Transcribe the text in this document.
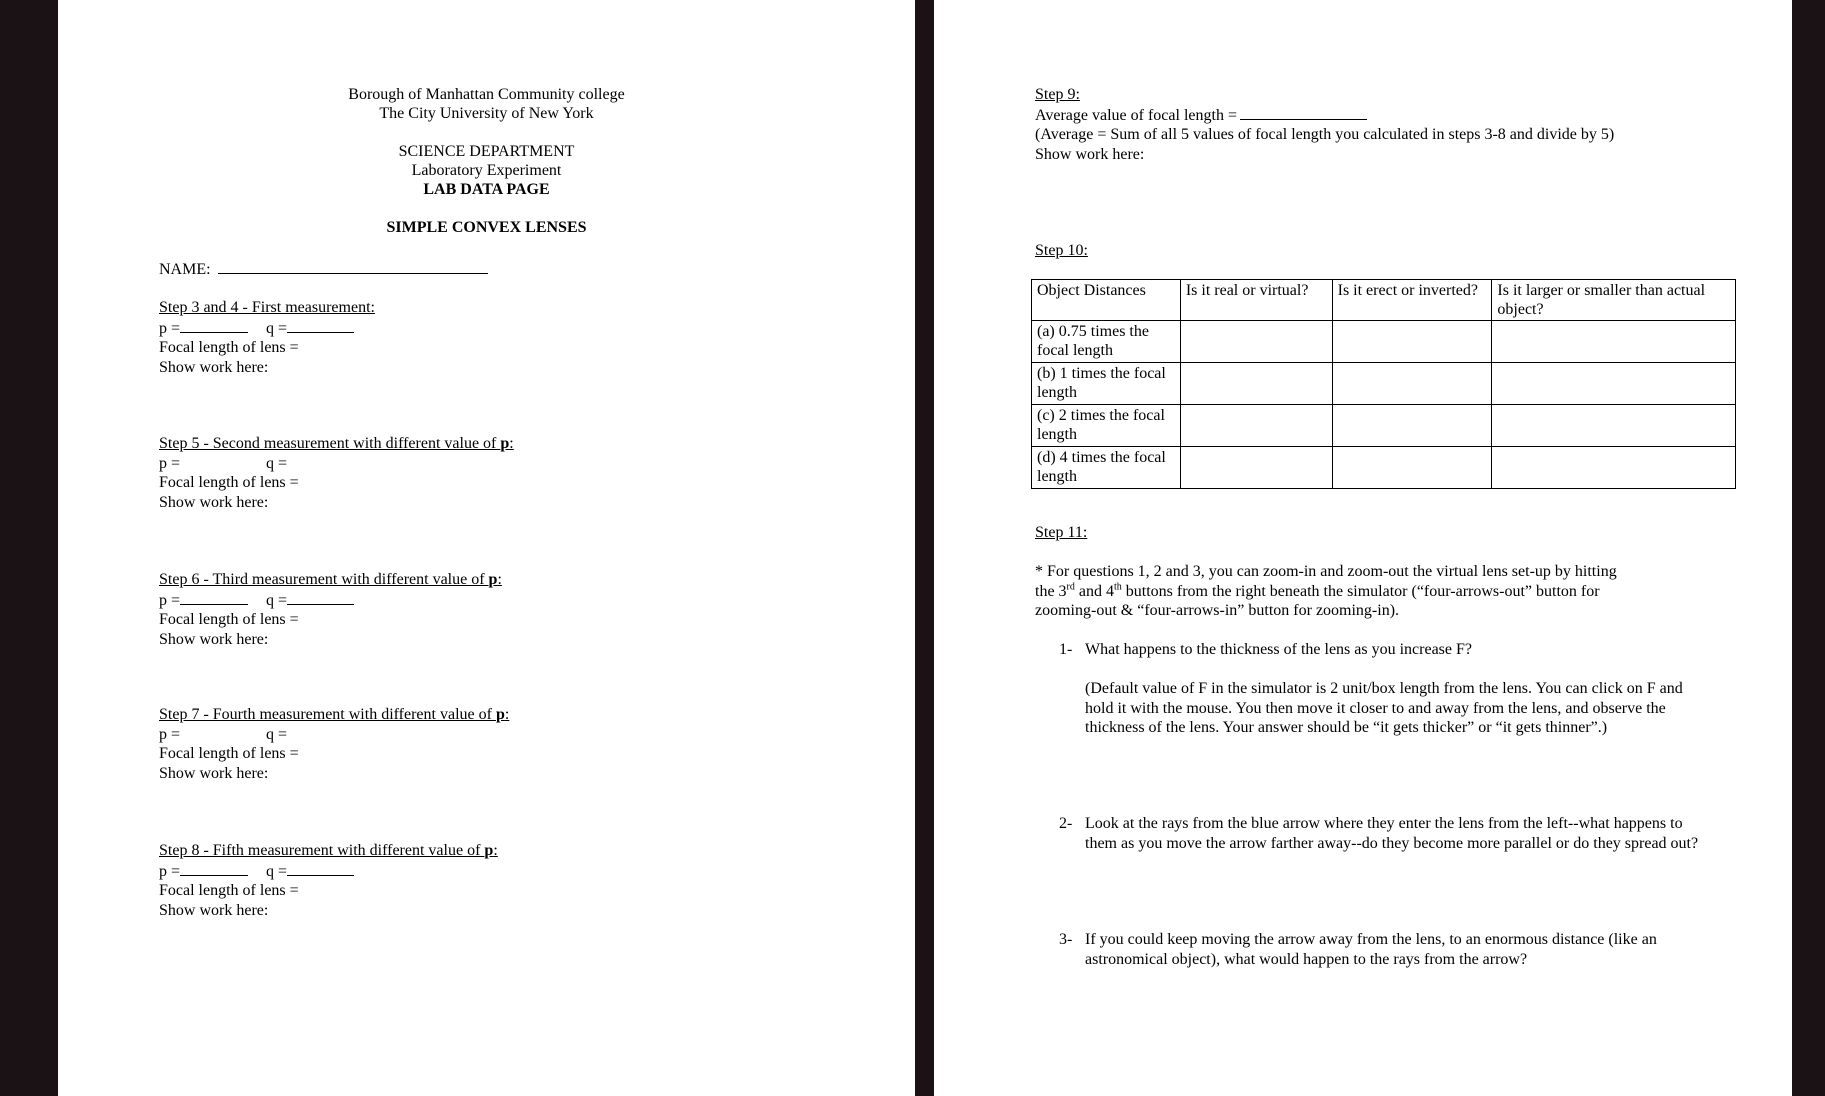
Borough of Manhattan Community college
The City University of New York
SCIENCE DEPARTMENT
Laboratory Experiment
LAB DATA PAGE
SIMPLE CONVEX LENSES
NAME:
Step 3 and 4 - First measurement:
p =	q =
Focal length of lens =
Show work here:
Step 5 - Second measurement with different value of p:
p =	q =
Focal length of lens =
Show work here:
Step 6 - Third measurement with different value of p:
p =	q =
Focal length of lens =
Show work here:
Step 7 - Fourth measurement with different value of p:
p =	q =
Focal length of lens =
Show work here:
Step 8 - Fifth measurement with different value of p:
p =	q =
Focal length of lens =
Show work here:
Step 9:
Average value of focal length =
(Average = Sum of all 5 values of focal length you calculated in steps 3-8 and divide by 5)
Show work here:
Step 10:
Object Distances	Is it real or virtual?	Is it erect or inverted?	Is it larger or smaller than actual object?
(a) 0.75 times the focal length			
(b) 1 times the focal length			
(c) 2 times the focal length			
(d) 4 times the focal length			
Step 11:
* For questions 1, 2 and 3, you can zoom-in and zoom-out the virtual lens set-up by hitting the 3rd and 4th buttons from the right beneath the simulator (“four-arrows-out” button for zooming-out & “four-arrows-in” button for zooming-in).
1- What happens to the thickness of the lens as you increase F?
(Default value of F in the simulator is 2 unit/box length from the lens. You can click on F and hold it with the mouse. You then move it closer to and away from the lens, and observe the thickness of the lens. Your answer should be “it gets thicker” or “it gets thinner”.)
2- Look at the rays from the blue arrow where they enter the lens from the left--what happens to them as you move the arrow farther away--do they become more parallel or do they spread out?
3- If you could keep moving the arrow away from the lens, to an enormous distance (like an astronomical object), what would happen to the rays from the arrow?
